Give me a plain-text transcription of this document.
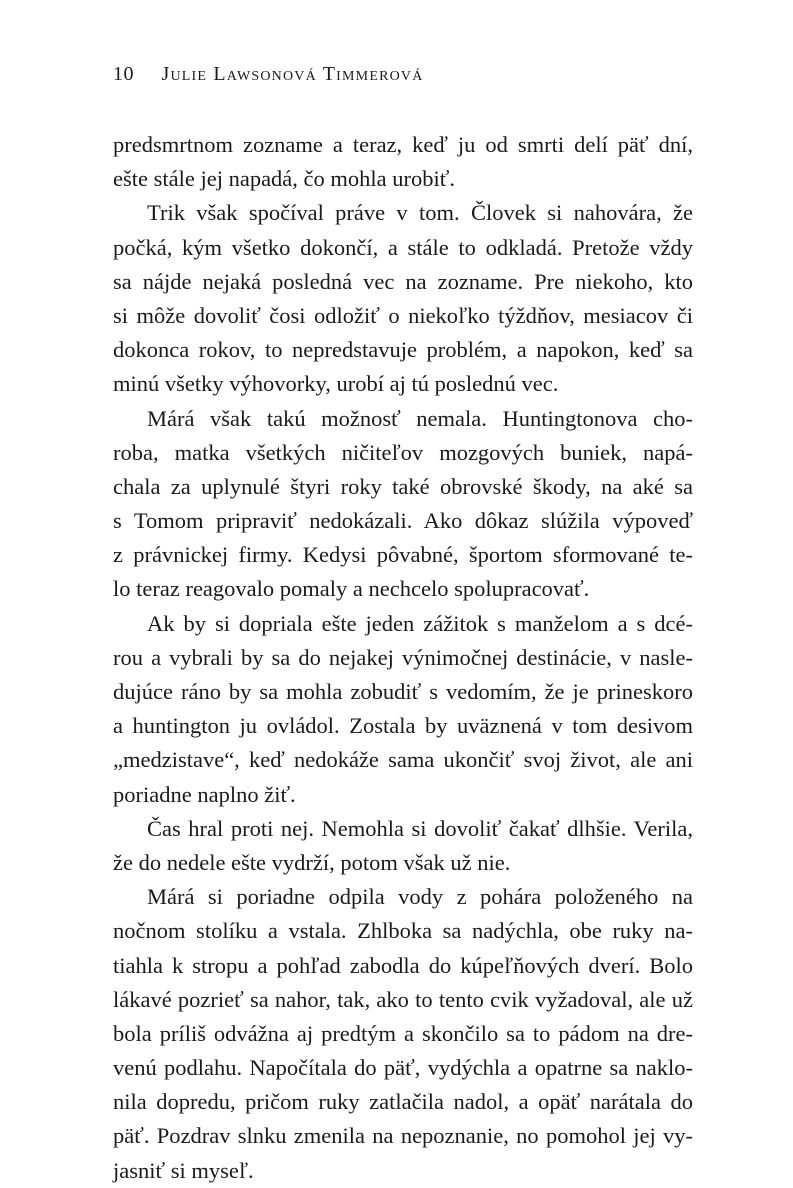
10 Julie Lawsonová Timmerová
predsmrtnom zozname a teraz, keď ju od smrti delí päť dní,
ešte stále jej napadá, čo mohla urobiť.
Trik však spočíval práve v tom. Človek si nahovára, že
počká, kým všetko dokončí, a stále to odkladá. Pretože vždy
sa nájde nejaká posledná vec na zozname. Pre niekoho, kto
si môže dovoliť čosi odložiť o niekoľko týždňov, mesiacov či
dokonca rokov, to nepredstavuje problém, a napokon, keď sa
minú všetky výhovorky, urobí aj tú poslednú vec.
Márá však takú možnosť nemala. Huntingtonova cho-
roba, matka všetkých ničiteľov mozgových buniek, napá-
chala za uplynulé štyri roky také obrovské škody, na aké sa
s Tomom pripraviť nedokázali. Ako dôkaz slúžila výpoveď
z právnickej firmy. Kedysi pôvabné, športom sformované te-
lo teraz reagovalo pomaly a nechcelo spolupracovať.
Ak by si dopriala ešte jeden zážitok s manželom a s dcé-
rou a vybrali by sa do nejakej výnimočnej destinácie, v nasle-
dujúce ráno by sa mohla zobudiť s vedomím, že je prineskoro
a huntington ju ovládol. Zostala by uväznená v tom desivom
„medzistave“, keď nedokáže sama ukončiť svoj život, ale ani
poriadne naplno žiť.
Čas hral proti nej. Nemohla si dovoliť čakať dlhšie. Verila,
že do nedele ešte vydrží, potom však už nie.
Márá si poriadne odpila vody z pohára položeného na
nočnom stolíku a vstala. Zhlboka sa nadýchla, obe ruky na-
tiahla k stropu a pohľad zabodla do kúpeľňových dverí. Bolo
lákavé pozrieť sa nahor, tak, ako to tento cvik vyžadoval, ale už
bola príliš odvážna aj predtým a skončilo sa to pádom na dre-
venú podlahu. Napočítala do päť, vydýchla a opatrne sa naklo-
nila dopredu, pričom ruky zatlačila nadol, a opäť narátala do
päť. Pozdrav slnku zmenila na nepoznanie, no pomohol jej vy-
jasniť si myseľ.
